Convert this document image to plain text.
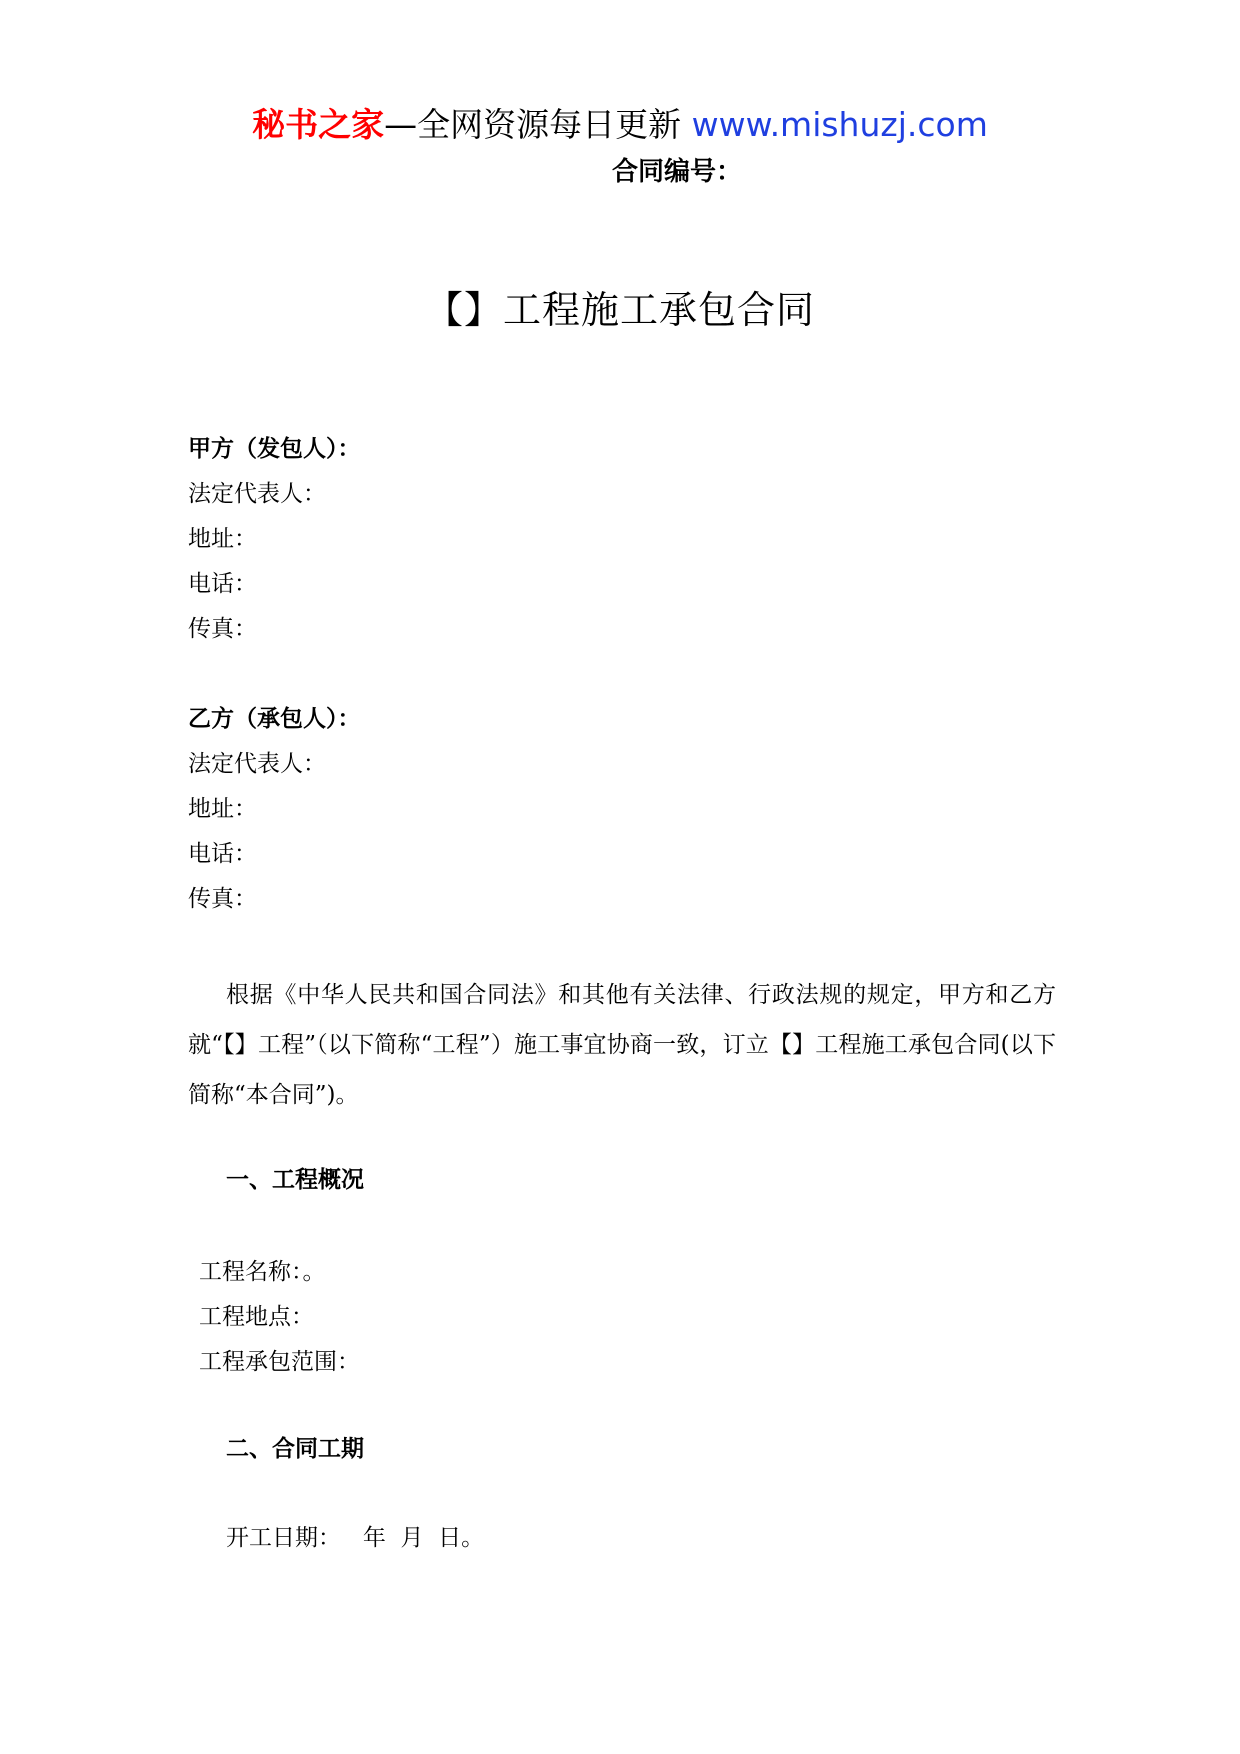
秘书之家—全网资源每日更新 www.mishuzj.com
合同编号：
【】工程施工承包合同
甲方（发包人）：
法定代表人：
地址：
电话：
传真：
乙方（承包人）：
法定代表人：
地址：
电话：
传真：
根据《中华人民共和国合同法》和其他有关法律、行政法规的规定，甲方和乙方就“【】工程”（以下简称“工程”）施工事宜协商一致，订立【】工程施工承包合同(以下简称“本合同”)。
一、工程概况
工程名称：。
工程地点：
工程承包范围：
二、合同工期
开工日期：   年  月  日。
